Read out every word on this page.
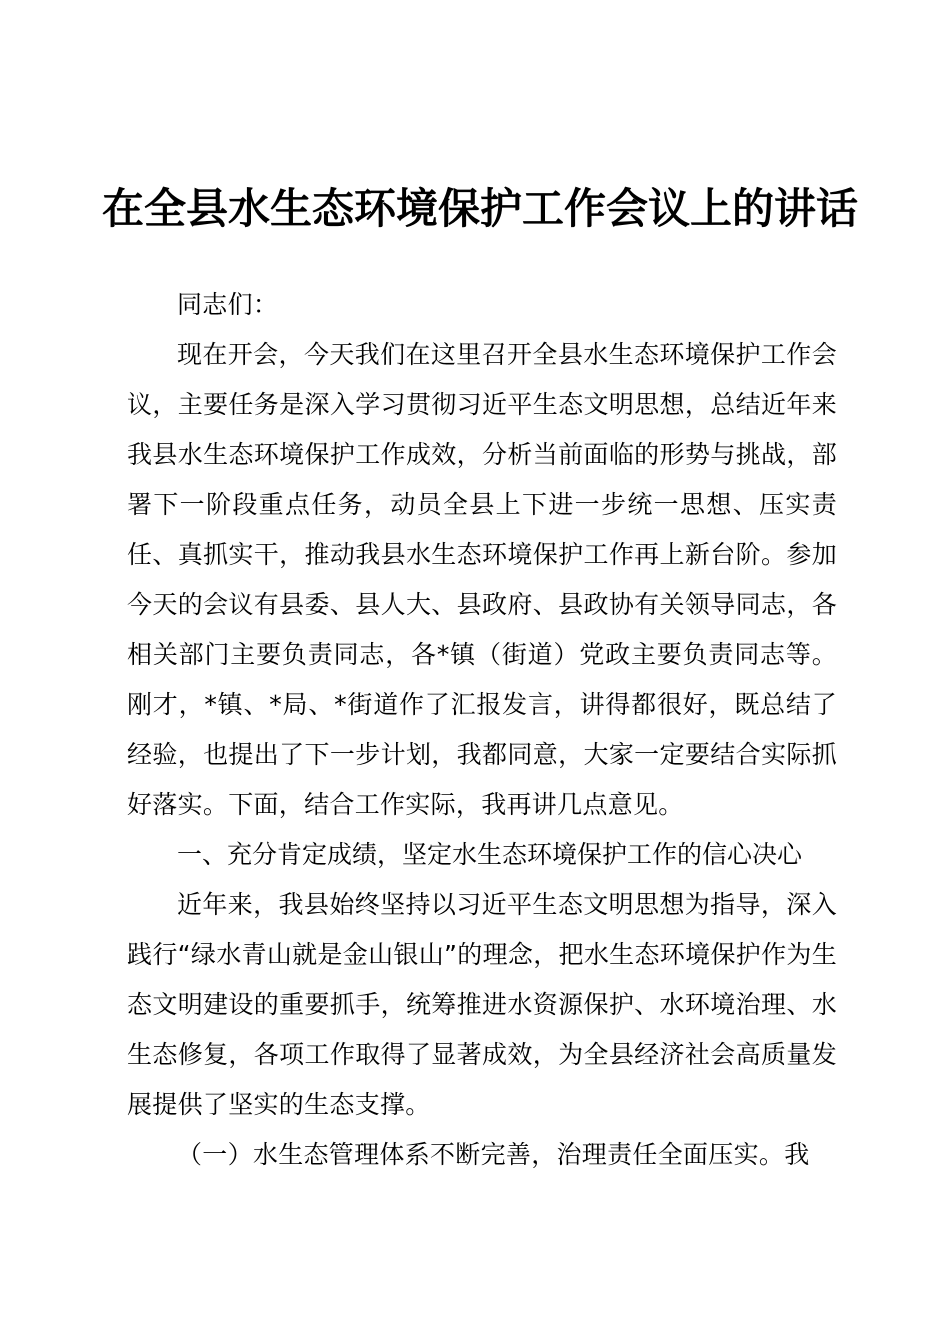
在全县水生态环境保护工作会议上的讲话

同志们：

现在开会，今天我们在这里召开全县水生态环境保护工作会议，主要任务是深入学习贯彻习近平生态文明思想，总结近年来我县水生态环境保护工作成效，分析当前面临的形势与挑战，部署下一阶段重点任务，动员全县上下进一步统一思想、压实责任、真抓实干，推动我县水生态环境保护工作再上新台阶。参加今天的会议有县委、县人大、县政府、县政协有关领导同志，各相关部门主要负责同志，各*镇（街道）党政主要负责同志等。刚才，*镇、*局、*街道作了汇报发言，讲得都很好，既总结了经验，也提出了下一步计划，我都同意，大家一定要结合实际抓好落实。下面，结合工作实际，我再讲几点意见。

一、充分肯定成绩，坚定水生态环境保护工作的信心决心

近年来，我县始终坚持以习近平生态文明思想为指导，深入践行“绿水青山就是金山银山”的理念，把水生态环境保护作为生态文明建设的重要抓手，统筹推进水资源保护、水环境治理、水生态修复，各项工作取得了显著成效，为全县经济社会高质量发展提供了坚实的生态支撑。

（一）水生态管理体系不断完善，治理责任全面压实。我
